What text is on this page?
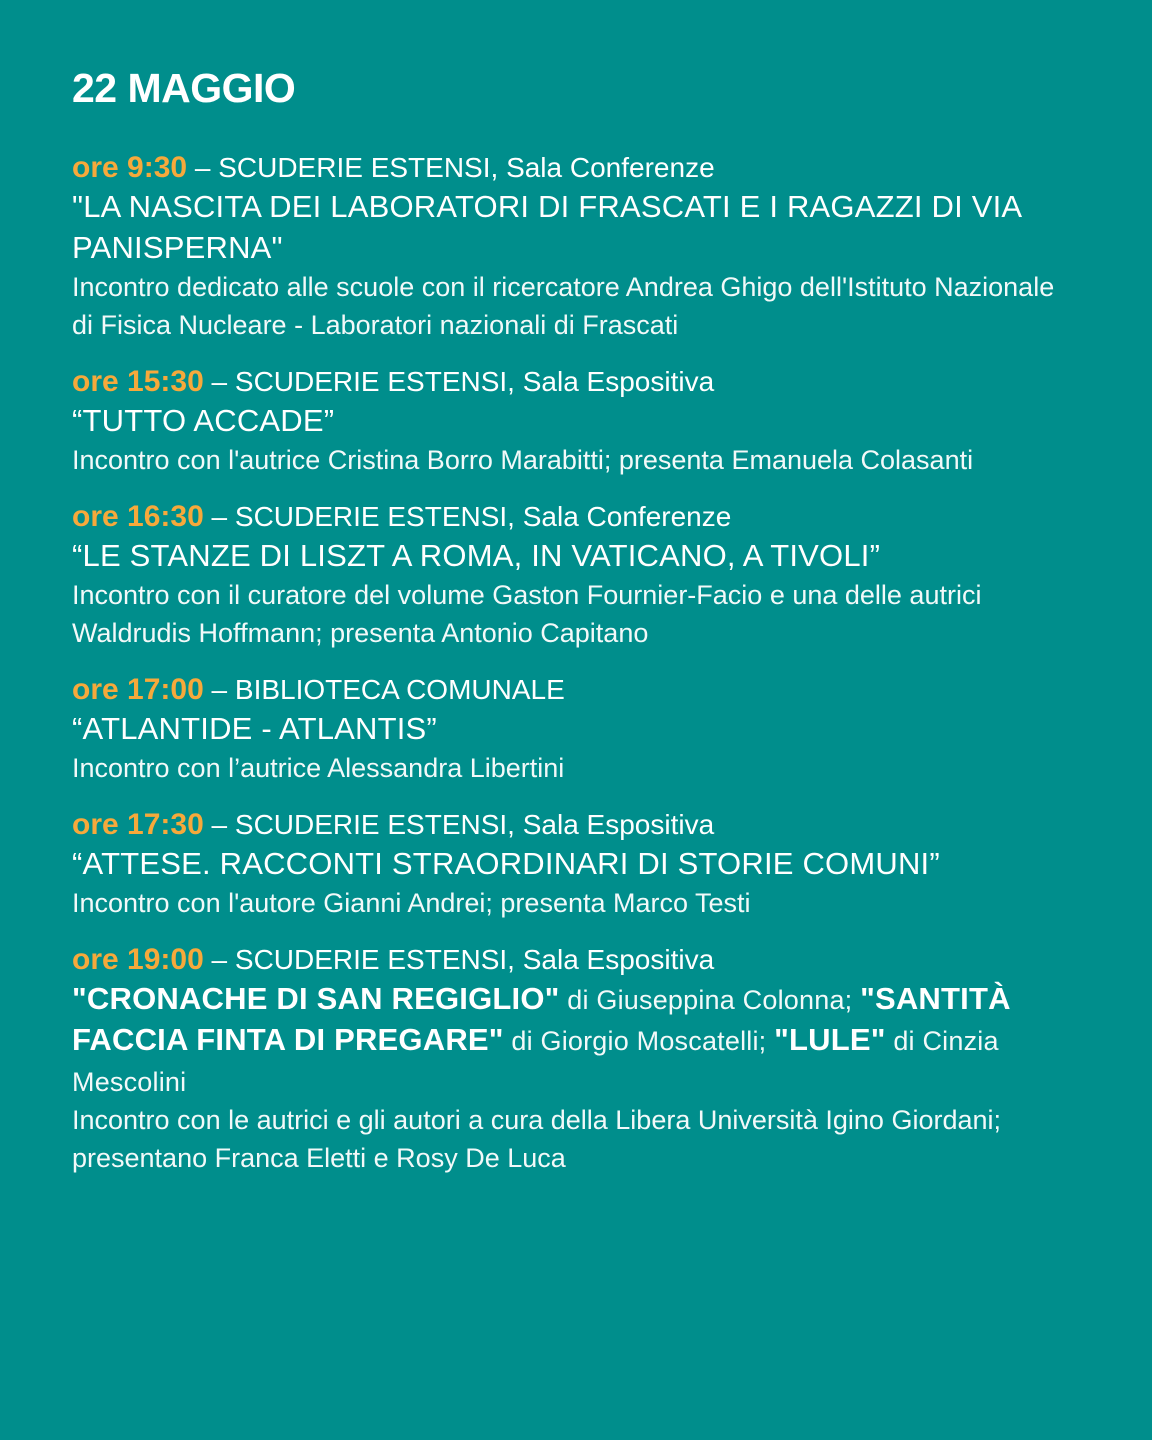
22 MAGGIO
ore 9:30 – SCUDERIE ESTENSI, Sala Conferenze
"LA NASCITA DEI LABORATORI DI FRASCATI E I RAGAZZI DI VIA PANISPERNA"
Incontro dedicato alle scuole con il ricercatore Andrea Ghigo dell'Istituto Nazionale di Fisica Nucleare - Laboratori nazionali di Frascati
ore 15:30 – SCUDERIE ESTENSI, Sala Espositiva
“TUTTO ACCADE”
Incontro con l'autrice Cristina Borro Marabitti; presenta Emanuela Colasanti
ore 16:30 – SCUDERIE ESTENSI, Sala Conferenze
“LE STANZE DI LISZT A ROMA, IN VATICANO, A TIVOLI”
Incontro con il curatore del volume Gaston Fournier-Facio e una delle autrici Waldrudis Hoffmann; presenta Antonio Capitano
ore 17:00 – BIBLIOTECA COMUNALE
“ATLANTIDE - ATLANTIS”
Incontro con l’autrice Alessandra Libertini
ore 17:30 – SCUDERIE ESTENSI, Sala Espositiva
“ATTESE. RACCONTI STRAORDINARI DI STORIE COMUNI”
Incontro con l'autore Gianni Andrei; presenta Marco Testi
ore 19:00 – SCUDERIE ESTENSI, Sala Espositiva
"CRONACHE DI SAN REGIGLIO" di Giuseppina Colonna; "SANTITÀ FACCIA FINTA DI PREGARE" di Giorgio Moscatelli; "LULE" di Cinzia Mescolini
Incontro con le autrici e gli autori a cura della Libera Università Igino Giordani; presentano Franca Eletti e Rosy De Luca
